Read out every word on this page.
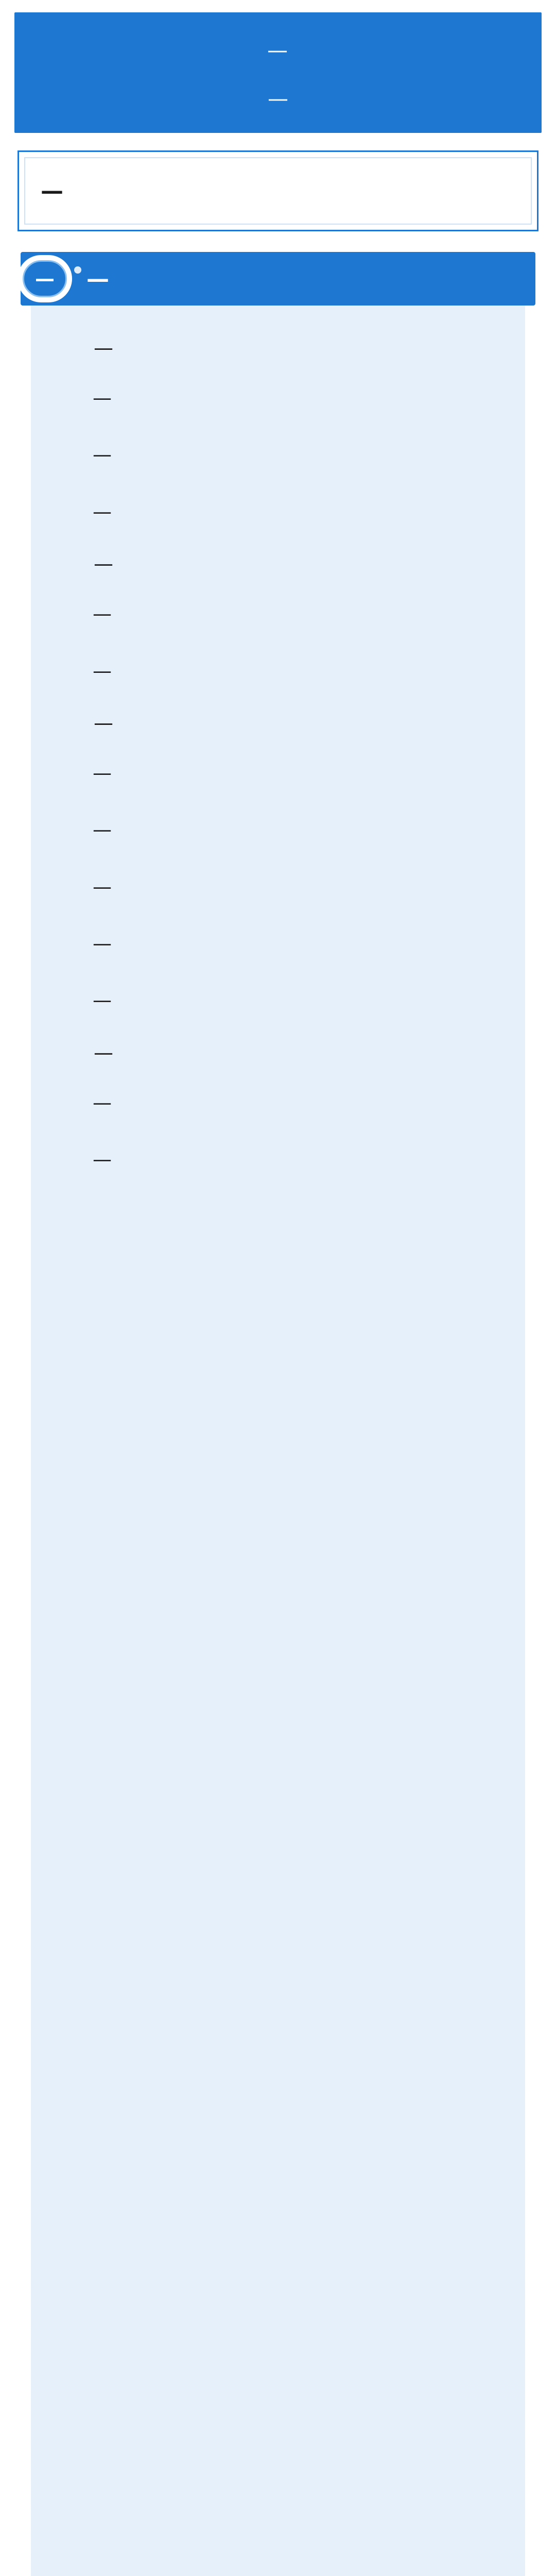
—
—
—
—	—

—

—

—

—

—

—

—

—

—

—

—

—

—

—

—

—
